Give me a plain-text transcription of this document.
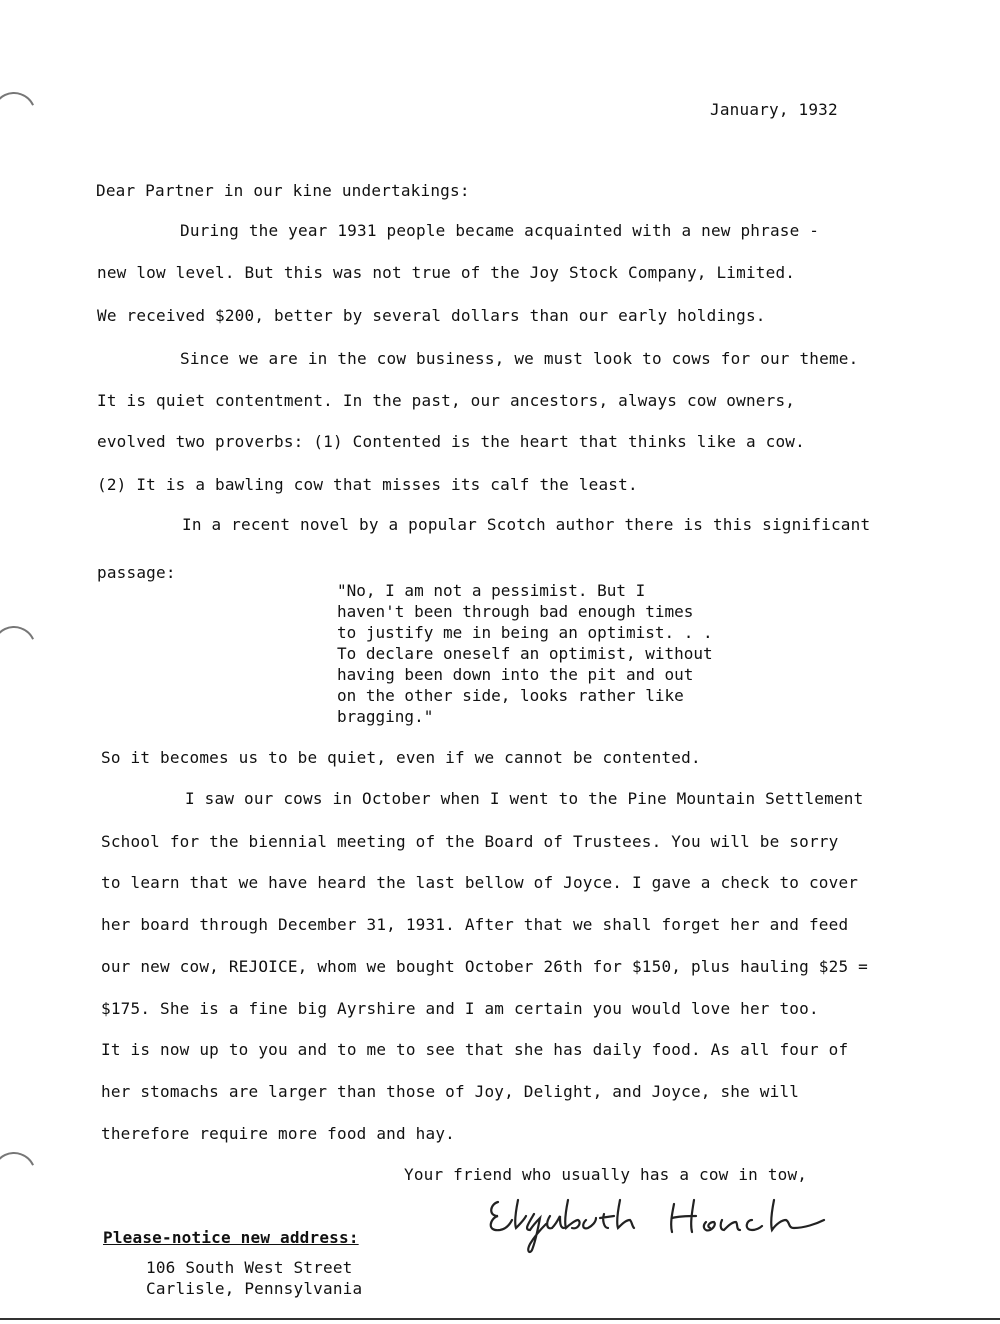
January, 1932
Dear Partner in our kine undertakings:
During the year 1931 people became acquainted with a new phrase -
new low level. But this was not true of the Joy Stock Company, Limited.
We received $200, better by several dollars than our early holdings.
Since we are in the cow business, we must look to cows for our theme.
It is quiet contentment. In the past, our ancestors, always cow owners,
evolved two proverbs: (1) Contented is the heart that thinks like a cow.
(2) It is a bawling cow that misses its calf the least.
In a recent novel by a popular Scotch author there is this significant
passage:
"No, I am not a pessimist. But I
haven't been through bad enough times
to justify me in being an optimist. . .
To declare oneself an optimist, without
having been down into the pit and out
on the other side, looks rather like
bragging."
So it becomes us to be quiet, even if we cannot be contented.
I saw our cows in October when I went to the Pine Mountain Settlement
School for the biennial meeting of the Board of Trustees. You will be sorry
to learn that we have heard the last bellow of Joyce. I gave a check to cover
her board through December 31, 1931. After that we shall forget her and feed
our new cow, REJOICE, whom we bought October 26th for $150, plus hauling $25 =
$175. She is a fine big Ayrshire and I am certain you would love her too.
It is now up to you and to me to see that she has daily food. As all four of
her stomachs are larger than those of Joy, Delight, and Joyce, she will
therefore require more food and hay.
Your friend who usually has a cow in tow,
Elizabeth Hench
Please-notice new address:
106 South West Street
Carlisle, Pennsylvania
